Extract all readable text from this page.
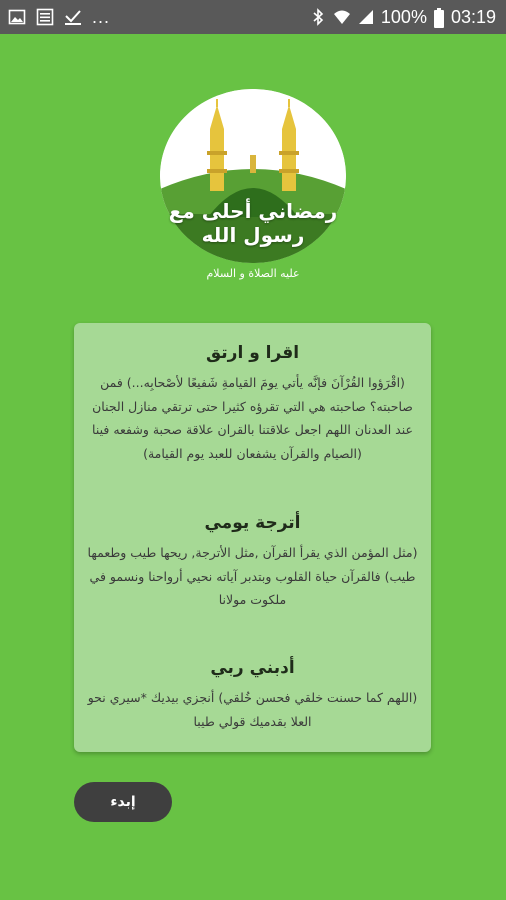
...	100% 03:19
رمضاني أحلى مع رسول الله
عليه الصلاة و السلام
اقرا و ارتق
(اقْرَؤوا القُرْآنَ فإنَّه يأتي يومَ القيامةِ شَفيعًا لأصْحابِه...) فمن صاحبته؟ صاحبته هي التي تقرؤه كثيرا حتى ترتقي منازل الجنان عند العدنان اللهم اجعل علاقتنا بالقران علاقة صحبة وشفعه فينا (الصيام والقرآن يشفعان للعبد يوم القيامة)
أترجة يومي
(مثل المؤمن الذي يقرأ القرآن ,مثل الأترجة, ريحها طيب وطعمها طيب) فالقرآن حياة القلوب وبتدبر آياته نحيي أرواحنا ونسمو في ملكوت مولانا
أدبني ربي
(اللهم كما حسنت خلقي فحسن خُلقي) أنجزي بيديك *سيري نحو العلا بقدميك قولي طيبا
إبدء
